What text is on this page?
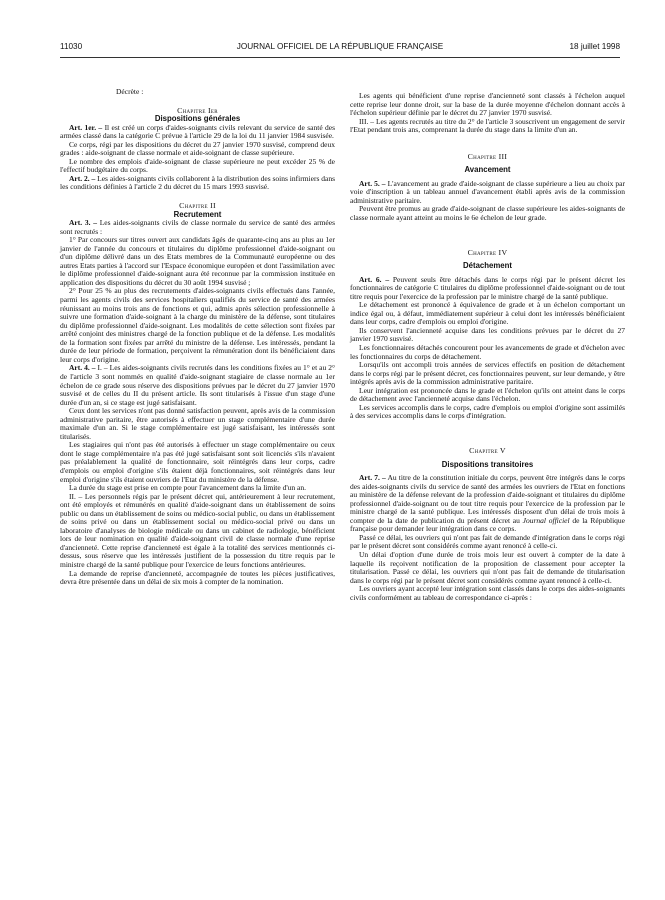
11030	JOURNAL OFFICIEL DE LA RÉPUBLIQUE FRANÇAISE	18 juillet 1998

Décrète :

Chapitre Ier

Dispositions générales

Art. 1er. – Il est créé un corps d'aides-soignants civils relevant du service de santé des armées classé dans la catégorie C prévue à l'article 29 de la loi du 11 janvier 1984 susvisée.

Ce corps, régi par les dispositions du décret du 27 janvier 1970 susvisé, comprend deux grades : aide-soignant de classe normale et aide-soignant de classe supérieure.

Le nombre des emplois d'aide-soignant de classe supérieure ne peut excéder 25 % de l'effectif budgétaire du corps.

Art. 2. – Les aides-soignants civils collaborent à la distribution des soins infirmiers dans les conditions définies à l'article 2 du décret du 15 mars 1993 susvisé.

Chapitre II

Recrutement

Art. 3. – Les aides-soignants civils de classe normale du service de santé des armées sont recrutés :

1° Par concours sur titres ouvert aux candidats âgés de quarante-cinq ans au plus au 1er janvier de l'année du concours et titulaires du diplôme professionnel d'aide-soignant ou d'un diplôme délivré dans un des Etats membres de la Communauté européenne ou des autres Etats parties à l'accord sur l'Espace économique européen et dont l'assimilation avec le diplôme professionnel d'aide-soignant aura été reconnue par la commission instituée en application des dispositions du décret du 30 août 1994 susvisé ;

2° Pour 25 % au plus des recrutements d'aides-soignants civils effectués dans l'année, parmi les agents civils des services hospitaliers qualifiés du service de santé des armées réunissant au moins trois ans de fonctions et qui, admis après sélection professionnelle à suivre une formation d'aide-soignant à la charge du ministère de la défense, sont titulaires du diplôme professionnel d'aide-soignant. Les modalités de cette sélection sont fixées par arrêté conjoint des ministres chargé de la fonction publique et de la défense. Les modalités de la formation sont fixées par arrêté du ministre de la défense. Les intéressés, pendant la durée de leur période de formation, perçoivent la rémunération dont ils bénéficiaient dans leur corps d'origine.

Art. 4. – I. – Les aides-soignants civils recrutés dans les conditions fixées au 1° et au 2° de l'article 3 sont nommés en qualité d'aide-soignant stagiaire de classe normale au 1er échelon de ce grade sous réserve des dispositions prévues par le décret du 27 janvier 1970 susvisé et de celles du II du présent article. Ils sont titularisés à l'issue d'un stage d'une durée d'un an, si ce stage est jugé satisfaisant.

Ceux dont les services n'ont pas donné satisfaction peuvent, après avis de la commission administrative paritaire, être autorisés à effectuer un stage complémentaire d'une durée maximale d'un an. Si le stage complémentaire est jugé satisfaisant, les intéressés sont titularisés.

Les stagiaires qui n'ont pas été autorisés à effectuer un stage complémentaire ou ceux dont le stage complémentaire n'a pas été jugé satisfaisant sont soit licenciés s'ils n'avaient pas préalablement la qualité de fonctionnaire, soit réintégrés dans leur corps, cadre d'emplois ou emploi d'origine s'ils étaient déjà fonctionnaires, soit réintégrés dans leur emploi d'origine s'ils étaient ouvriers de l'Etat du ministère de la défense.

La durée du stage est prise en compte pour l'avancement dans la limite d'un an.

II. – Les personnels régis par le présent décret qui, antérieurement à leur recrutement, ont été employés et rémunérés en qualité d'aide-soignant dans un établissement de soins public ou dans un établissement de soins ou médico-social public, ou dans un établissement de soins privé ou dans un établissement social ou médico-social privé ou dans un laboratoire d'analyses de biologie médicale ou dans un cabinet de radiologie, bénéficient lors de leur nomination en qualité d'aide-soignant civil de classe normale d'une reprise d'ancienneté. Cette reprise d'ancienneté est égale à la totalité des services mentionnés ci-dessus, sous réserve que les intéressés justifient de la possession du titre requis par le ministre chargé de la santé publique pour l'exercice de leurs fonctions antérieures.

La demande de reprise d'ancienneté, accompagnée de toutes les pièces justificatives, devra être présentée dans un délai de six mois à compter de la nomination.

Les agents qui bénéficient d'une reprise d'ancienneté sont classés à l'échelon auquel cette reprise leur donne droit, sur la base de la durée moyenne d'échelon donnant accès à l'échelon supérieur définie par le décret du 27 janvier 1970 susvisé.

III. – Les agents recrutés au titre du 2° de l'article 3 souscrivent un engagement de servir l'Etat pendant trois ans, comprenant la durée du stage dans la limite d'un an.

Chapitre III

Avancement

Art. 5. – L'avancement au grade d'aide-soignant de classe supérieure a lieu au choix par voie d'inscription à un tableau annuel d'avancement établi après avis de la commission administrative paritaire.

Peuvent être promus au grade d'aide-soignant de classe supérieure les aides-soignants de classe normale ayant atteint au moins le 6e échelon de leur grade.

Chapitre IV

Détachement

Art. 6. – Peuvent seuls être détachés dans le corps régi par le présent décret les fonctionnaires de catégorie C titulaires du diplôme professionnel d'aide-soignant ou de tout titre requis pour l'exercice de la profession par le ministre chargé de la santé publique.

Le détachement est prononcé à équivalence de grade et à un échelon comportant un indice égal ou, à défaut, immédiatement supérieur à celui dont les intéressés bénéficiaient dans leur corps, cadre d'emplois ou emploi d'origine.

Ils conservent l'ancienneté acquise dans les conditions prévues par le décret du 27 janvier 1970 susvisé.

Les fonctionnaires détachés concourent pour les avancements de grade et d'échelon avec les fonctionnaires du corps de détachement.

Lorsqu'ils ont accompli trois années de services effectifs en position de détachement dans le corps régi par le présent décret, ces fonctionnaires peuvent, sur leur demande, y être intégrés après avis de la commission administrative paritaire.

Leur intégration est prononcée dans le grade et l'échelon qu'ils ont atteint dans le corps de détachement avec l'ancienneté acquise dans l'échelon.

Les services accomplis dans le corps, cadre d'emplois ou emploi d'origine sont assimilés à des services accomplis dans le corps d'intégration.

Chapitre V

Dispositions transitoires

Art. 7. – Au titre de la constitution initiale du corps, peuvent être intégrés dans le corps des aides-soignants civils du service de santé des armées les ouvriers de l'Etat en fonctions au ministère de la défense relevant de la profession d'aide-soignant et titulaires du diplôme professionnel d'aide-soignant ou de tout titre requis pour l'exercice de la profession par le ministre chargé de la santé publique. Les intéressés disposent d'un délai de trois mois à compter de la date de publication du présent décret au Journal officiel de la République française pour demander leur intégration dans ce corps.

Passé ce délai, les ouvriers qui n'ont pas fait de demande d'intégration dans le corps régi par le présent décret sont considérés comme ayant renoncé à celle-ci.

Un délai d'option d'une durée de trois mois leur est ouvert à compter de la date à laquelle ils reçoivent notification de la proposition de classement pour accepter la titularisation. Passé ce délai, les ouvriers qui n'ont pas fait de demande de titularisation dans le corps régi par le présent décret sont considérés comme ayant renoncé à celle-ci.

Les ouvriers ayant accepté leur intégration sont classés dans le corps des aides-soignants civils conformément au tableau de correspondance ci-après :
